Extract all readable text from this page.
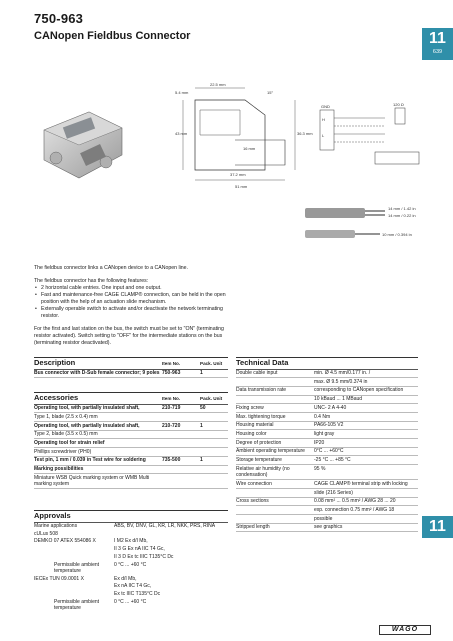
750-963
CANopen Fieldbus Connector	11
639
22.5 mm
5.4 mm	15°
43 mm	36.3 mm
16 mm
37.2 mm
51 mm
120 Ω
GND
H
L
14 mm / 1.42 in
14 mm / 0.22 in
10 mm / 0.394 in

The fieldbus connector links a CANopen device to a CANopen line.

The fieldbus connector has the following features:
• 2 horizontal cable entries. One input and one output.
• Fast and maintenance-free CAGE CLAMP® connection, can be held in the open position with the help of an actuation slide mechanism.
• Externally operable switch to activate and/or deactivate the network terminating resistor.

For the first and last station on the bus, the switch must be set to "ON" (terminating resistor activated). Switch setting to "OFF" for the intermediate stations on the bus (terminating resistor deactivated).

Description	Item No.	Pack. Unit
Bus connector with D-Sub female connector; 9 poles 750-963	1
Accessories	Item No.	Pack. Unit
Operating tool, with partially insulated shaft,	210-719	50
Type 1, blade (2.5 x 0.4) mm
Operating tool, with partially insulated shaft,	210-720	1
Type 2, blade (3.5 x 0.5) mm
Operating tool for strain relief
Phillips screwdriver (PH0)
Test pin, 1 mm / 0.039 in Test wire for soldering	735-500	1
Marking possibilities
Miniature WSB Quick marking system or WMB Multi marking system
Approvals
Marine applications	ABS, BV, DNV, GL, KR, LR, NKK, PRS, RINA
cULus 508
DEMKO 07 ATEX 554086 X	I M2 Ex d/I Mb,
II 3 G Ex nA IIC T4 Gc,
II 3 D Ex tc IIIC T135°C Dc
Permissible ambient temperature
0 °C ... +60 °C
IECEx TUN 09.0001 X	Ex d/I Mb,
Ex nA IIC T4 Gc,
Ex tc IIIC T135°C Dc
Permissible ambient temperature
0 °C ... +60 °C
Technical Data
Double cable input	min. Ø 4.5 mm/0.177 in. /
max. Ø 9.5 mm/0.374 in
Data transmission rate	corresponding to CANopen specification
10 kBaud ... 1 MBaud
Fixing screw	UNC- 2 A 4-40
Max. tightening torque	0.4 Nm
Housing material	PA66-105 V2
Housing color	light gray
Degree of protection	IP20
Ambient operating temperature	0°C ... +60°C
Storage temperature	-25 °C ... +85 °C
Relative air humidity (no condensation)
95 %
Wire connection	CAGE CLAMP® terminal strip with locking
slide (216 Series)
Cross sections	0.08 mm² ... 0.5 mm² / AWG 28 ... 20
exp. connection 0.75 mm² / AWG 18
possible
Stripped length	see graphics	11
WAGO
